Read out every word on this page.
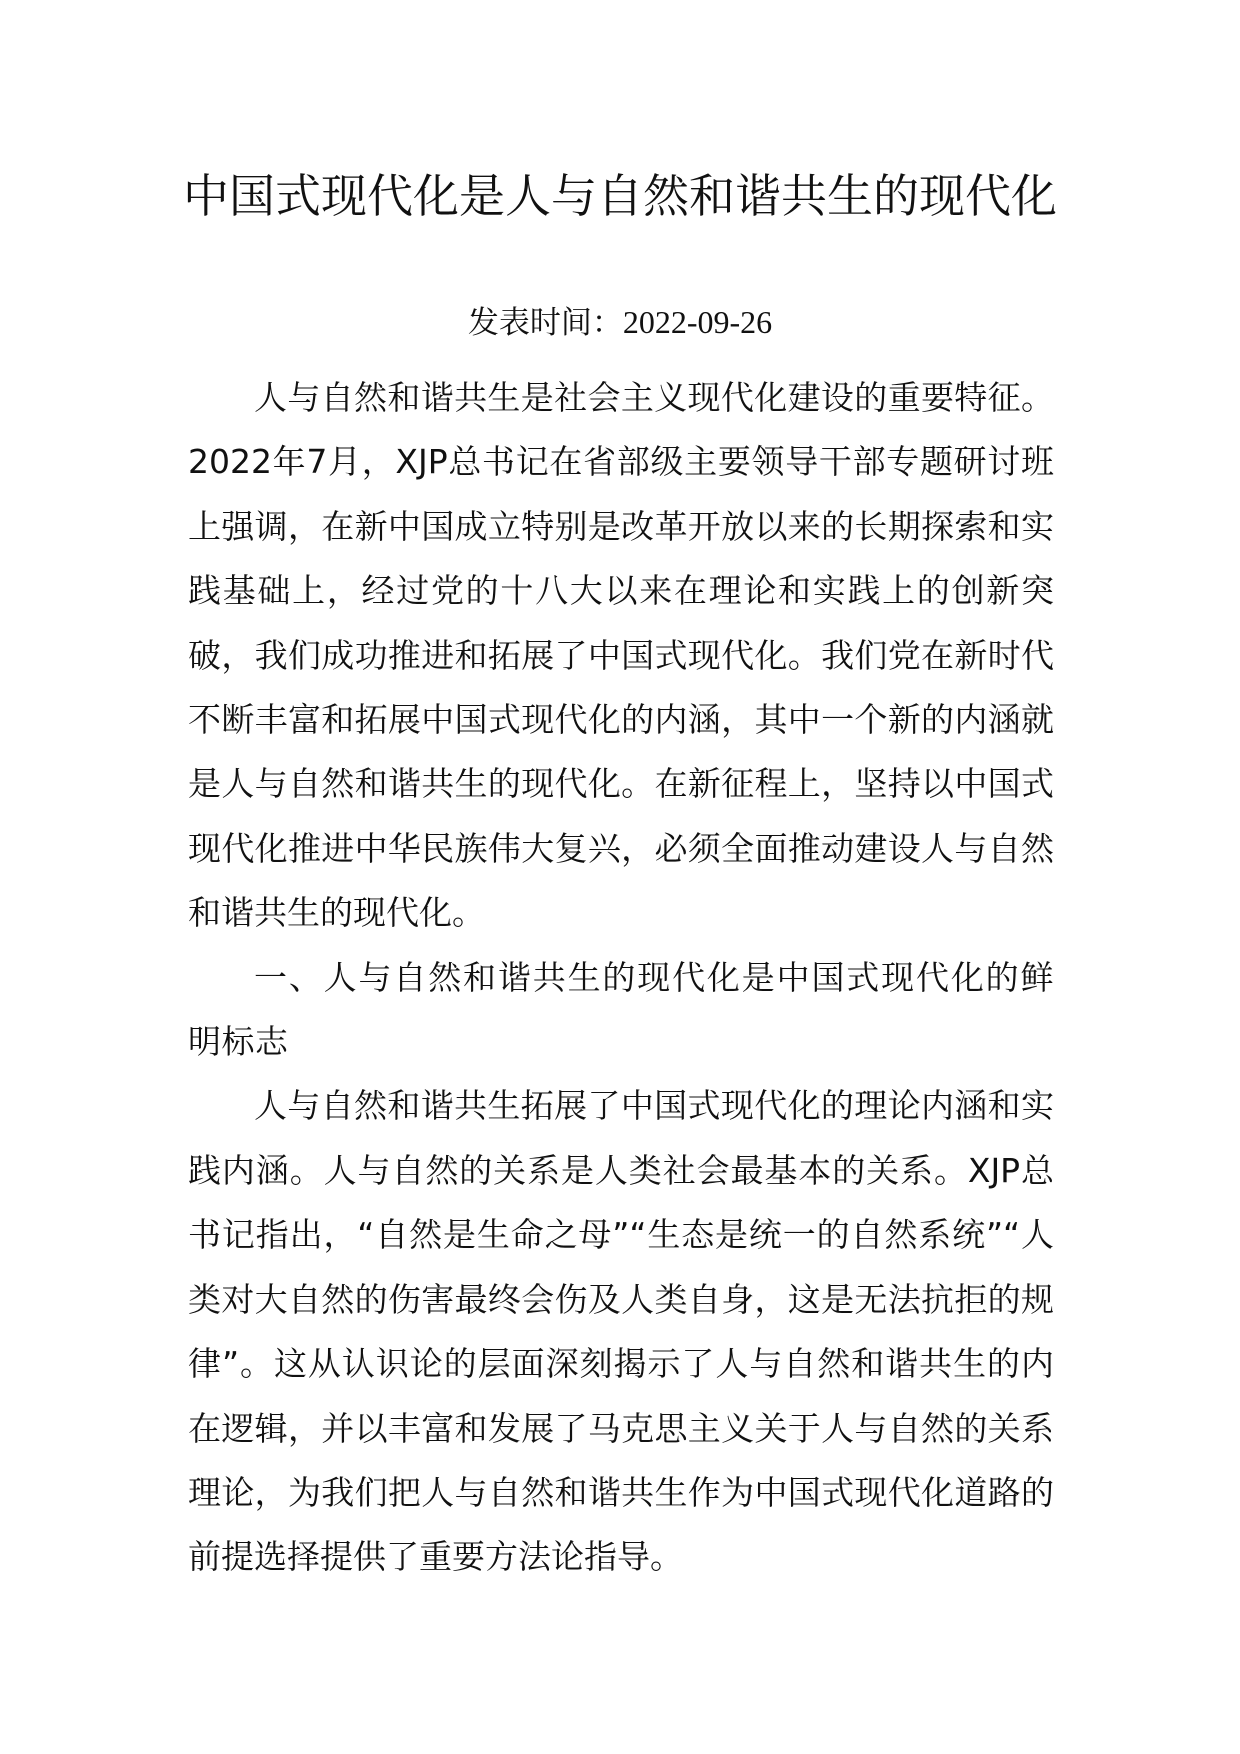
中国式现代化是人与自然和谐共生的现代化
发表时间：2022-09-26

人与自然和谐共生是社会主义现代化建设的重要特征。2022年7月，XJP总书记在省部级主要领导干部专题研讨班上强调，在新中国成立特别是改革开放以来的长期探索和实践基础上，经过党的十八大以来在理论和实践上的创新突破，我们成功推进和拓展了中国式现代化。我们党在新时代不断丰富和拓展中国式现代化的内涵，其中一个新的内涵就是人与自然和谐共生的现代化。在新征程上，坚持以中国式现代化推进中华民族伟大复兴，必须全面推动建设人与自然和谐共生的现代化。

一、人与自然和谐共生的现代化是中国式现代化的鲜明标志

人与自然和谐共生拓展了中国式现代化的理论内涵和实践内涵。人与自然的关系是人类社会最基本的关系。XJP总书记指出，“自然是生命之母”“生态是统一的自然系统”“人类对大自然的伤害最终会伤及人类自身，这是无法抗拒的规律”。这从认识论的层面深刻揭示了人与自然和谐共生的内在逻辑，并以丰富和发展了马克思主义关于人与自然的关系理论，为我们把人与自然和谐共生作为中国式现代化道路的前提选择提供了重要方法论指导。
